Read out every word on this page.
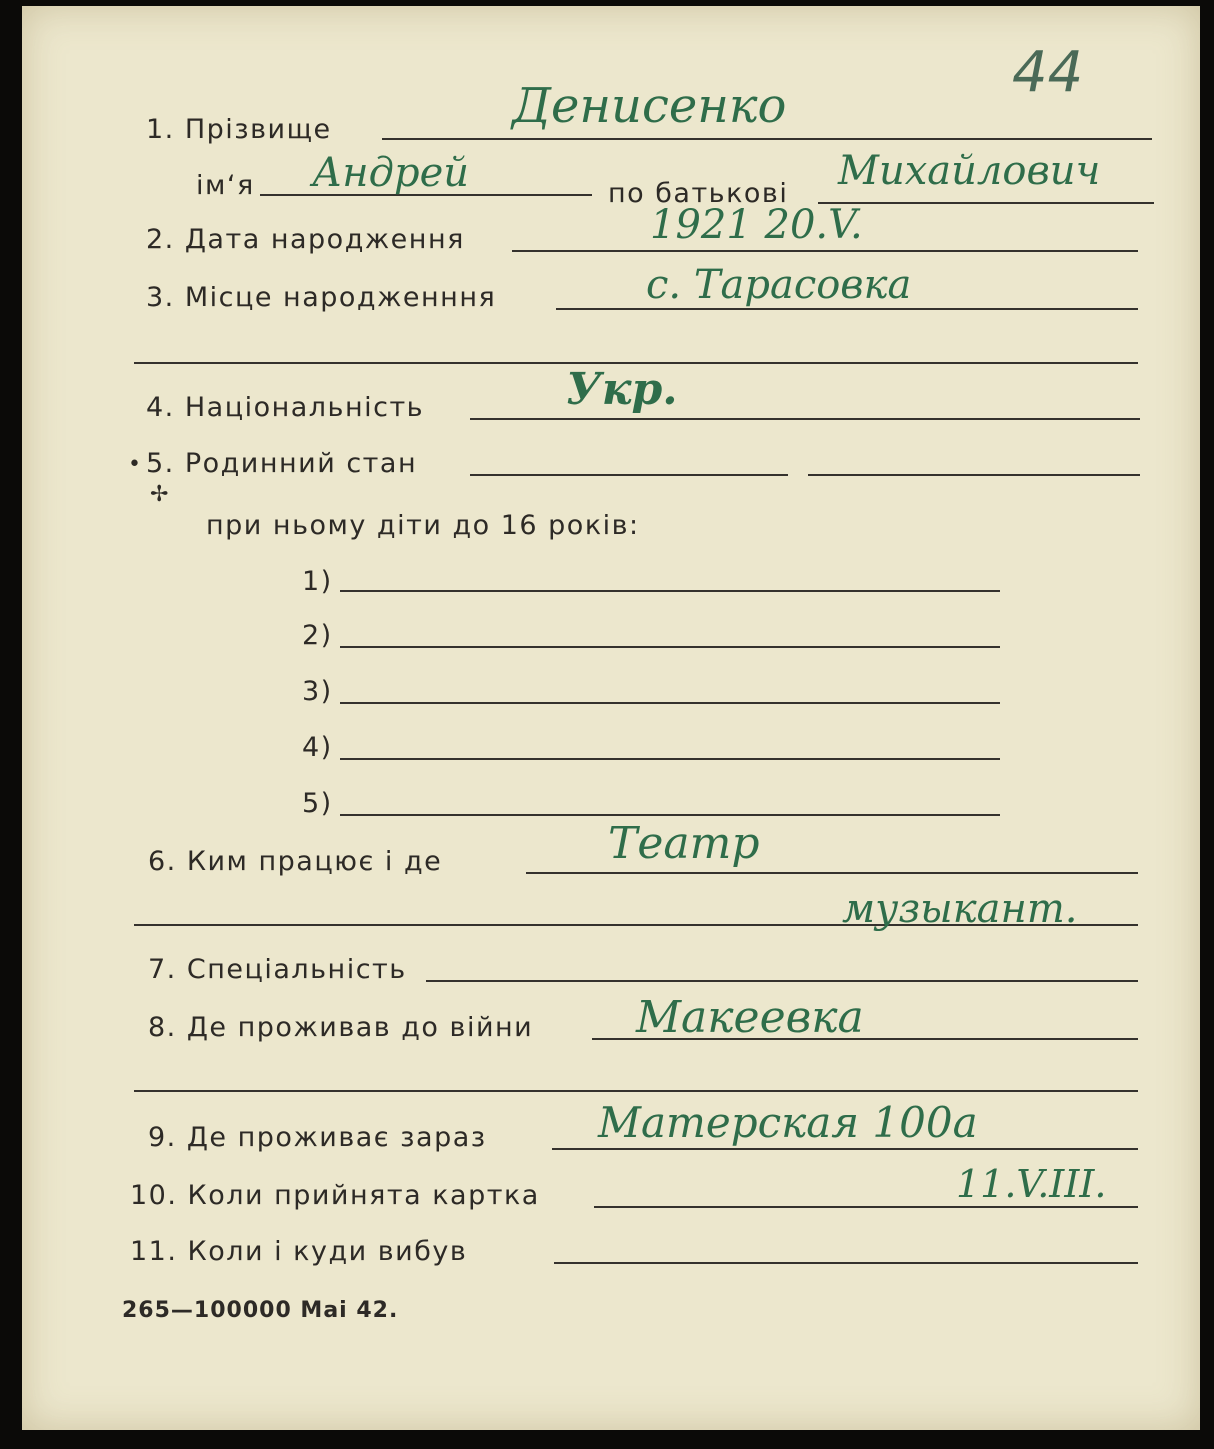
44
1. Прізвище	Денисенко
ім‘я Андрей	по батькові Михайлович
2. Дата народження	1921 20.V.
3. Місце народженння	с. Тарасовка
4. Національність	Укр.
• 5. Родинний стан
✢
при ньому діти до 16 років:
1)
2)
3)
4)
5)
6. Ким працює і де	Театр
музыкант.
7. Спеціальність
8. Де проживав до війни Макеевка
9. Де проживає зараз	Матерская 100а
10. Коли прийнята картка	11.V.III.
11. Коли і куди вибув
265—100000 Маі 42.
